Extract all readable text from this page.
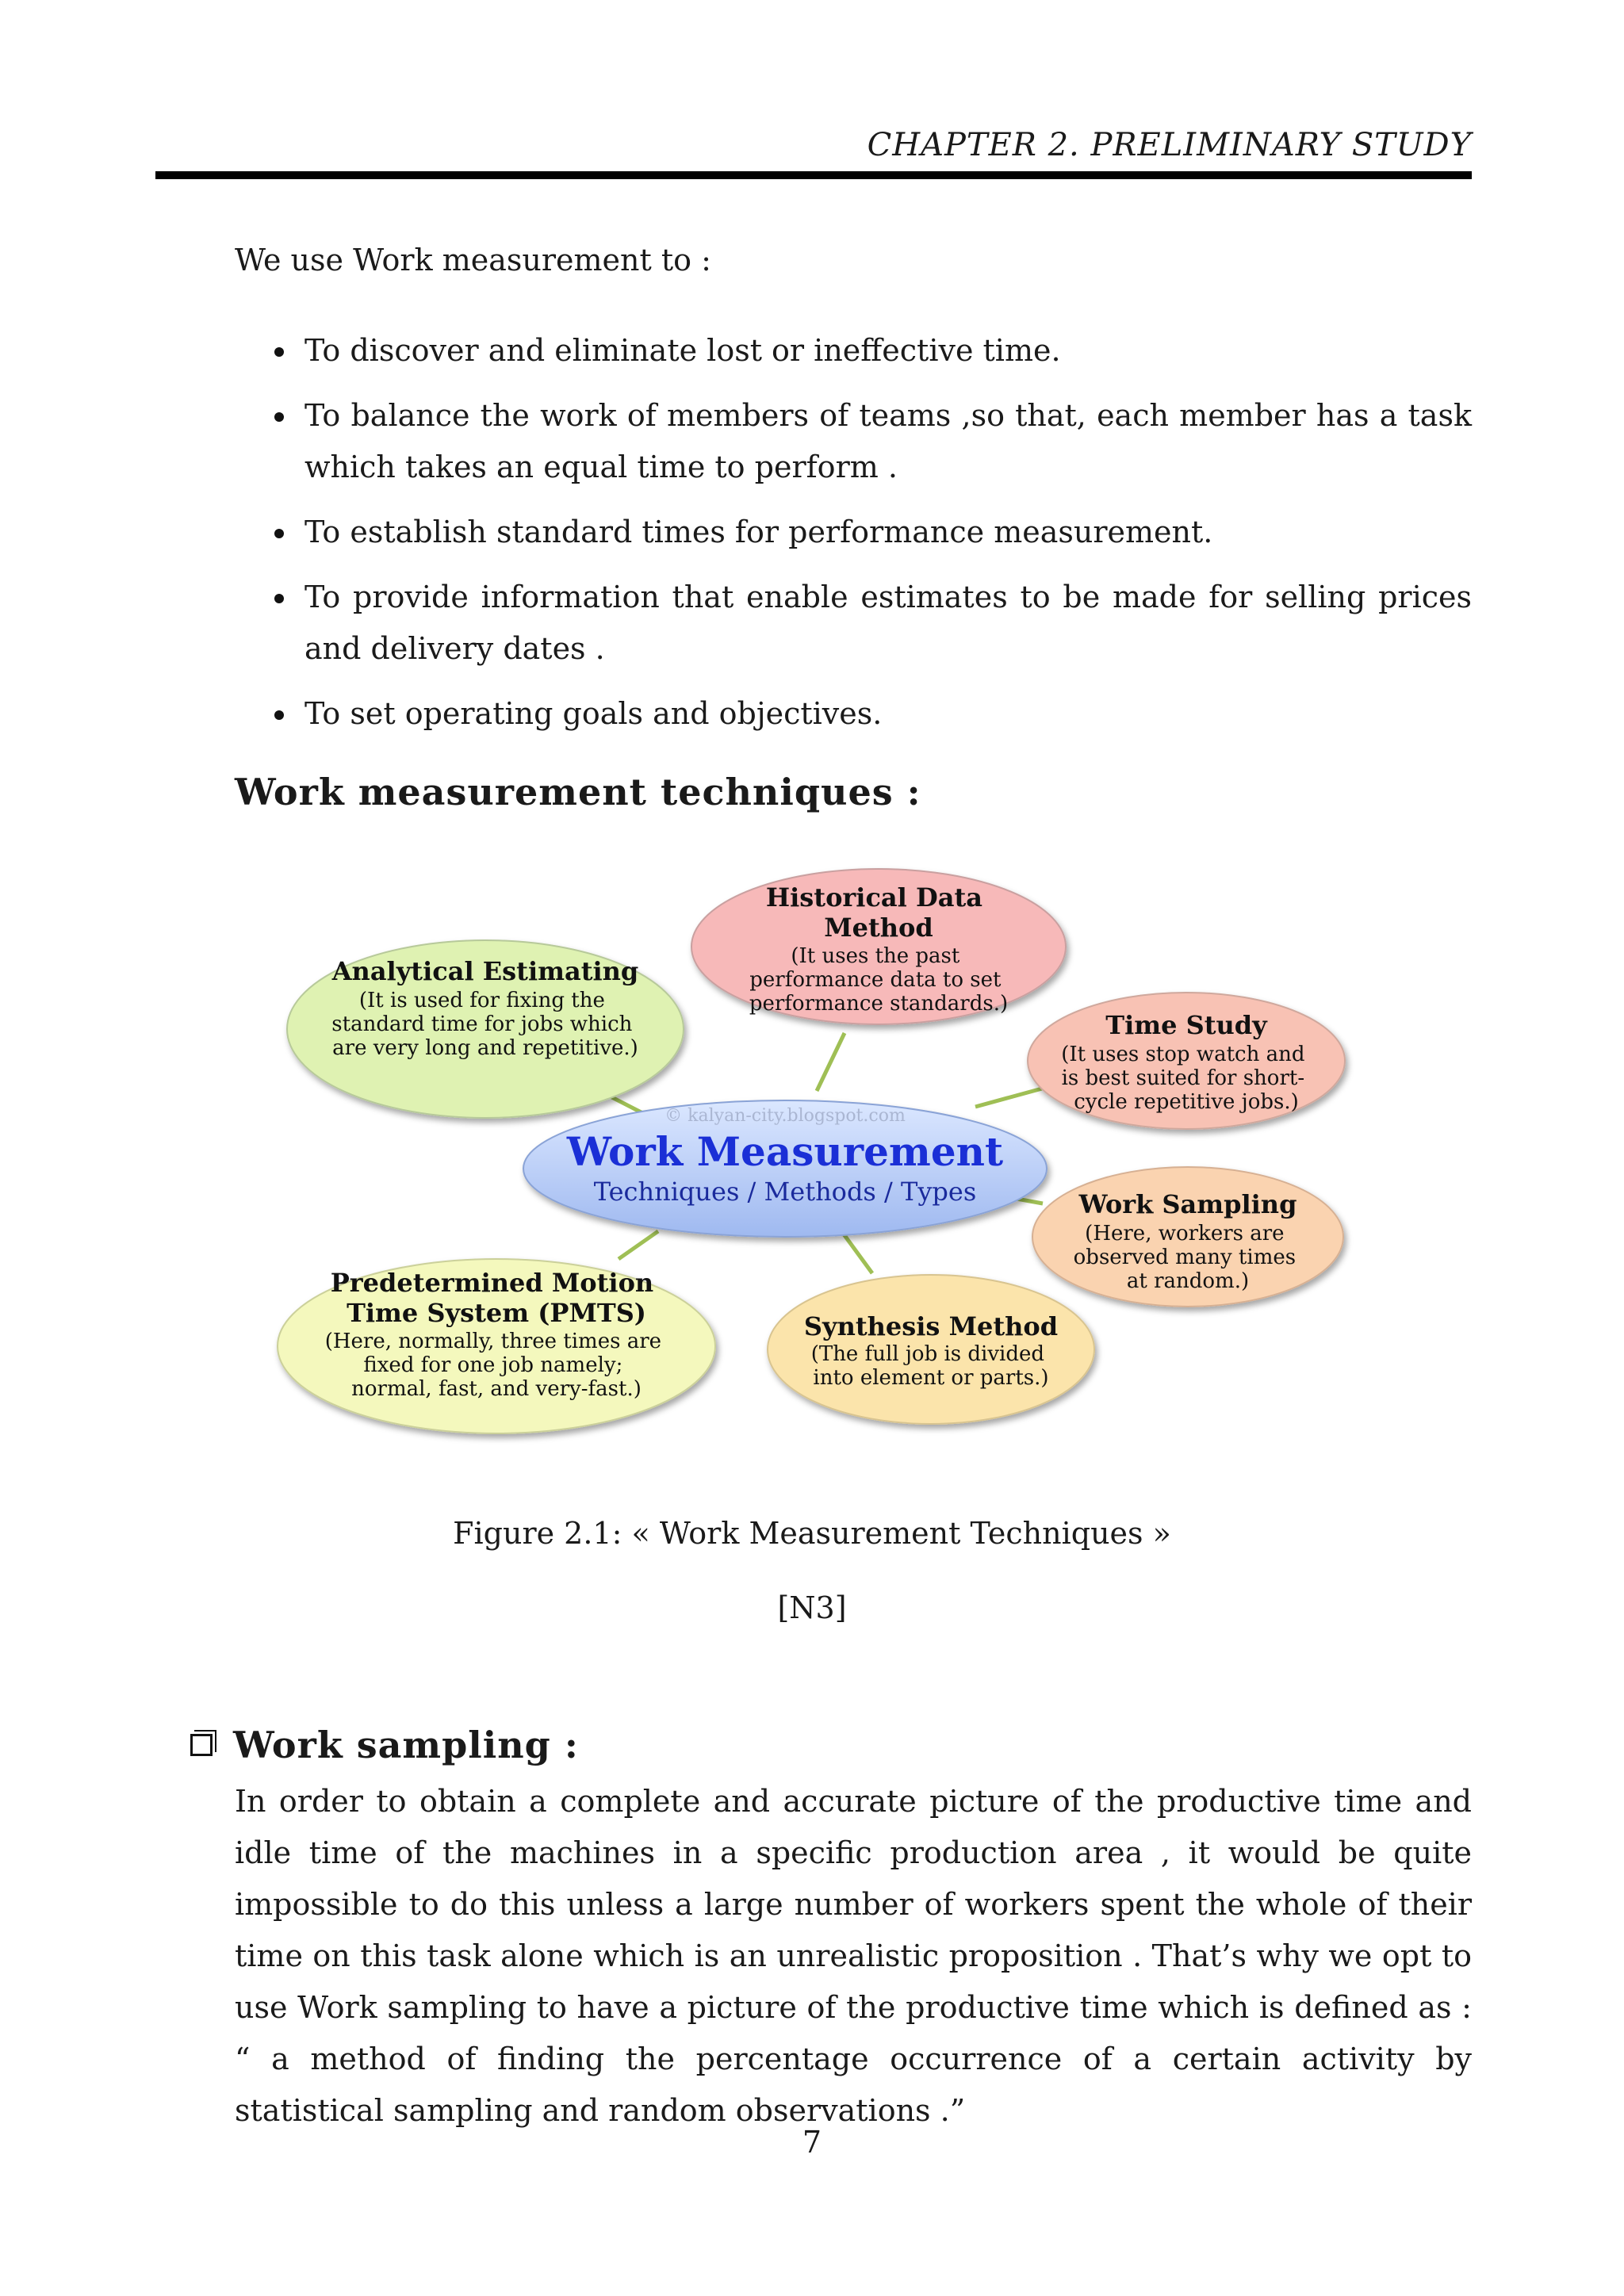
CHAPTER 2. PRELIMINARY STUDY
We use Work measurement to :
To discover and eliminate lost or ineffective time.
To balance the work of members of teams ,so that, each member has a task which takes an equal time to perform .
To establish standard times for performance measurement.
To provide information that enable estimates to be made for selling prices and delivery dates .
To set operating goals and objectives.
Work measurement techniques :
Historical Data Method
(It uses the past performance data to set performance standards.)
Analytical Estimating
(It is used for fixing the standard time for jobs which are very long and repetitive.)
Time Study
(It uses stop watch and is best suited for short- cycle repetitive jobs.)
© kalyan-city.blogspot.com
Work Measurement
Techniques / Methods / Types	Work Sampling
(Here, workers are observed many times at random.)
Synthesis Method
(The full job is divided into element or parts.)
Predetermined Motion Time System (PMTS)
(Here, normally, three times are fixed for one job namely; normal, fast, and very-fast.)
Figure 2.1: « Work Measurement Techniques »
[N3]
Work sampling :

In order to obtain a complete and accurate picture of the productive time and idle time of the machines in a specific production area , it would be quite impossible to do this unless a large number of workers spent the whole of their time on this task alone which is an unrealistic proposition . That’s why we opt to use Work sampling to have a picture of the productive time which is defined as : “ a method of finding the percentage occurrence of a certain activity by statistical sampling and random observations .”

7
